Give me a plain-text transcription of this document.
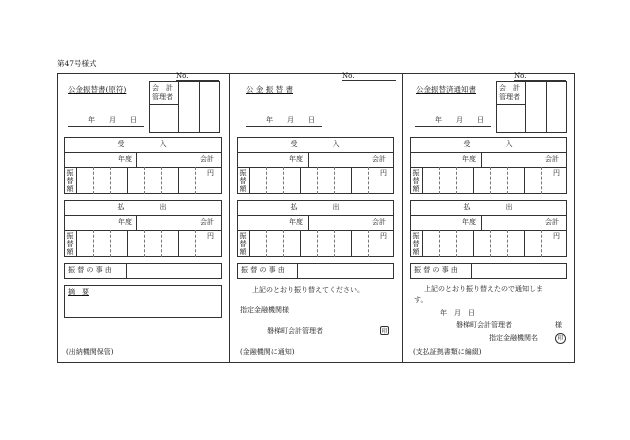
第47号様式
No.
公金振替書(原符)	会　計
管理者
年　　月　　日
受　　　　　入
年度	会計
振替額
円
払　　　　　出
年度	会計
振替額
円
振 替 の 事 由
摘　要
(出納機関保管)
No.
公 金 振 替 書
年　　月　　日
受　　　　　入
年度	会計
振替額
円
払　　　　　出
年度	会計
振替額
円
振 替 の 事 由
上記のとおり振り替えてください。
指定金融機関様
磐梯町会計管理者	印
(金融機関に通知)
No.
公金振替済通知書	会　計
管理者
年　　月　　日
受　　　　　入
年度	会計
振替額
円
払　　　　　出
年度	会計
振替額
円
振 替 の 事 由
上記のとおり振り替えたので通知しま
す。
年　月　日
磐梯町会計管理者	様
指定金融機関名	印
(支払証拠書類に編綴)
